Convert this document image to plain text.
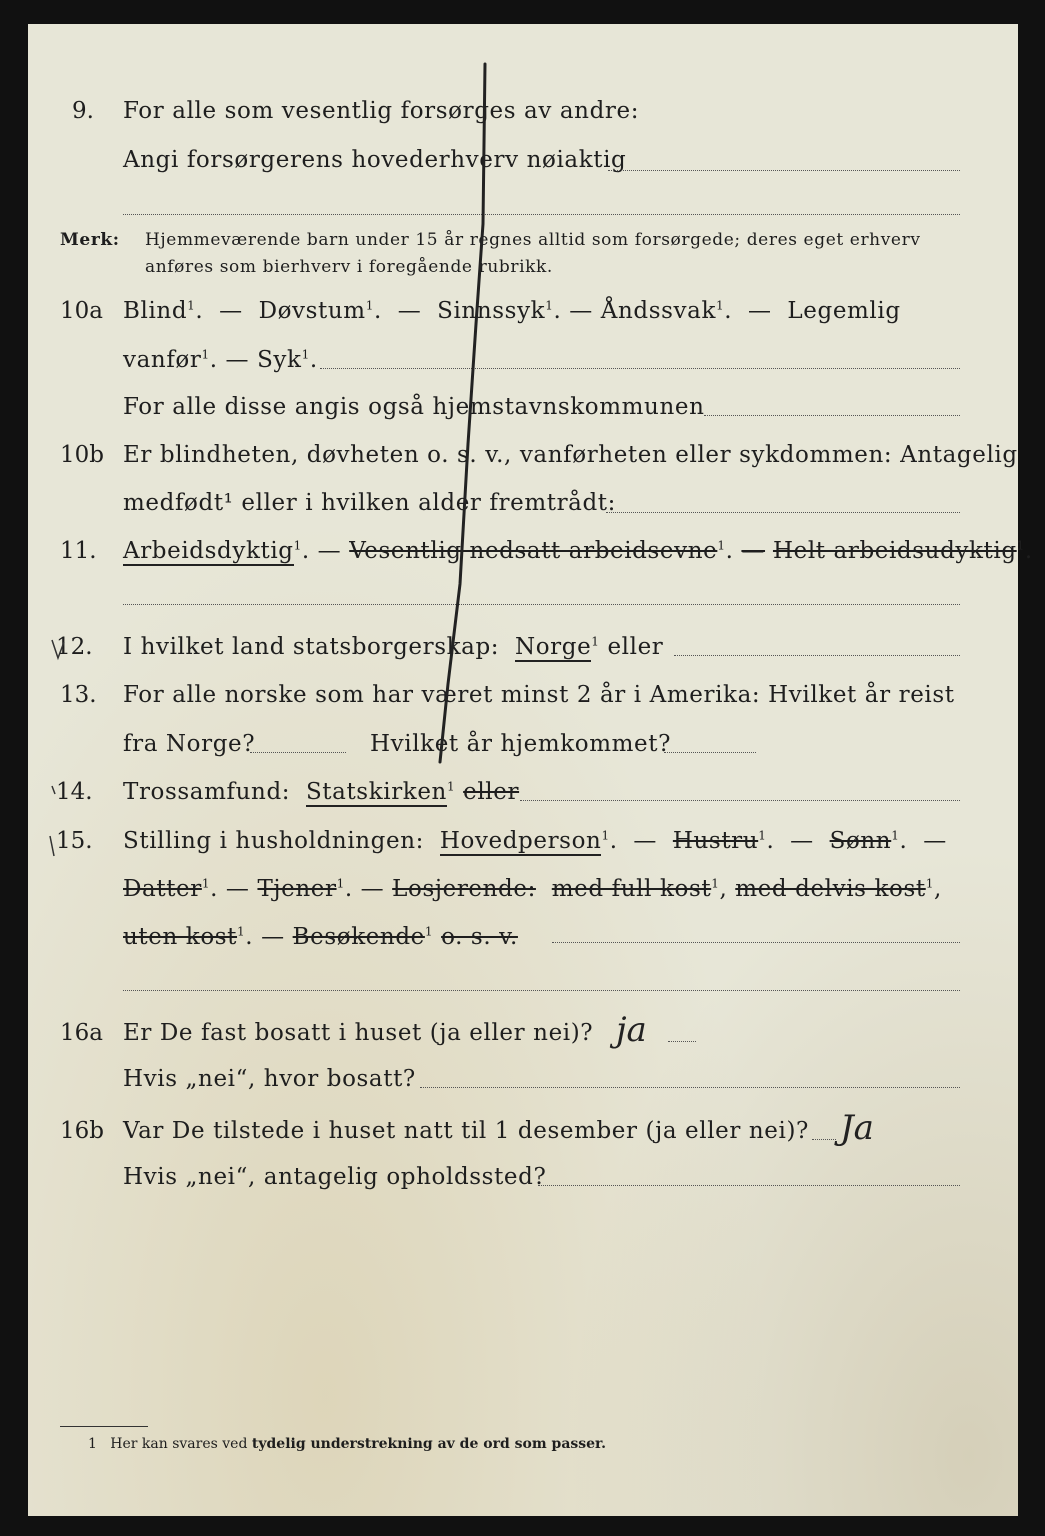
9. For alle som vesentlig forsørges av andre:
Angi forsørgerens hovederhverv nøiaktig
Merk: Hjemmeværende barn under 15 år regnes alltid som forsørgede; deres eget erhverv
anføres som bierhverv i foregående rubrikk.
10a Blind$^1$.  —  Døvstum$^1$.  —  Sinnssyk$^1$. — Åndssvak$^1$.  —  Legemlig
vanfør$^1$. — Syk$^1$.
For alle disse angis også hjemstavnskommunen
10b Er blindheten, døvheten o. s. v., vanførheten eller sykdommen: Antagelig
medfødt¹ eller i hvilken alder fremtrådt:
11. Arbeidsdyktig$^1$. — Vesentlig nedsatt arbeidsevne$^1$. — Helt arbeidsudyktig$^1$.
12. I hvilket land statsborgerskap: Norge$^1$ eller
13. For alle norske som har været minst 2 år i Amerika: Hvilket år reist
fra Norge?	Hvilket år hjemkommet?
14. Trossamfund: Statskirken$^1$ eller
15. Stilling i husholdningen: Hovedperson$^1$.  —  Hustru$^1$.  —  Sønn$^1$.  —
Datter$^1$. — Tjener$^1$. — Losjerende: med full kost$^1$, med delvis kost$^1$,
uten kost$^1$. — Besøkende$^1$ o. s. v.
16a Er De fast bosatt i huset (ja eller nei)? ja
Hvis „nei“, hvor bosatt?
16b Var De tilstede i huset natt til 1 desember (ja eller nei)? Ja
Hvis „nei“, antagelig opholdssted?
1 Her kan svares ved tydelig understrekning av de ord som passer.
